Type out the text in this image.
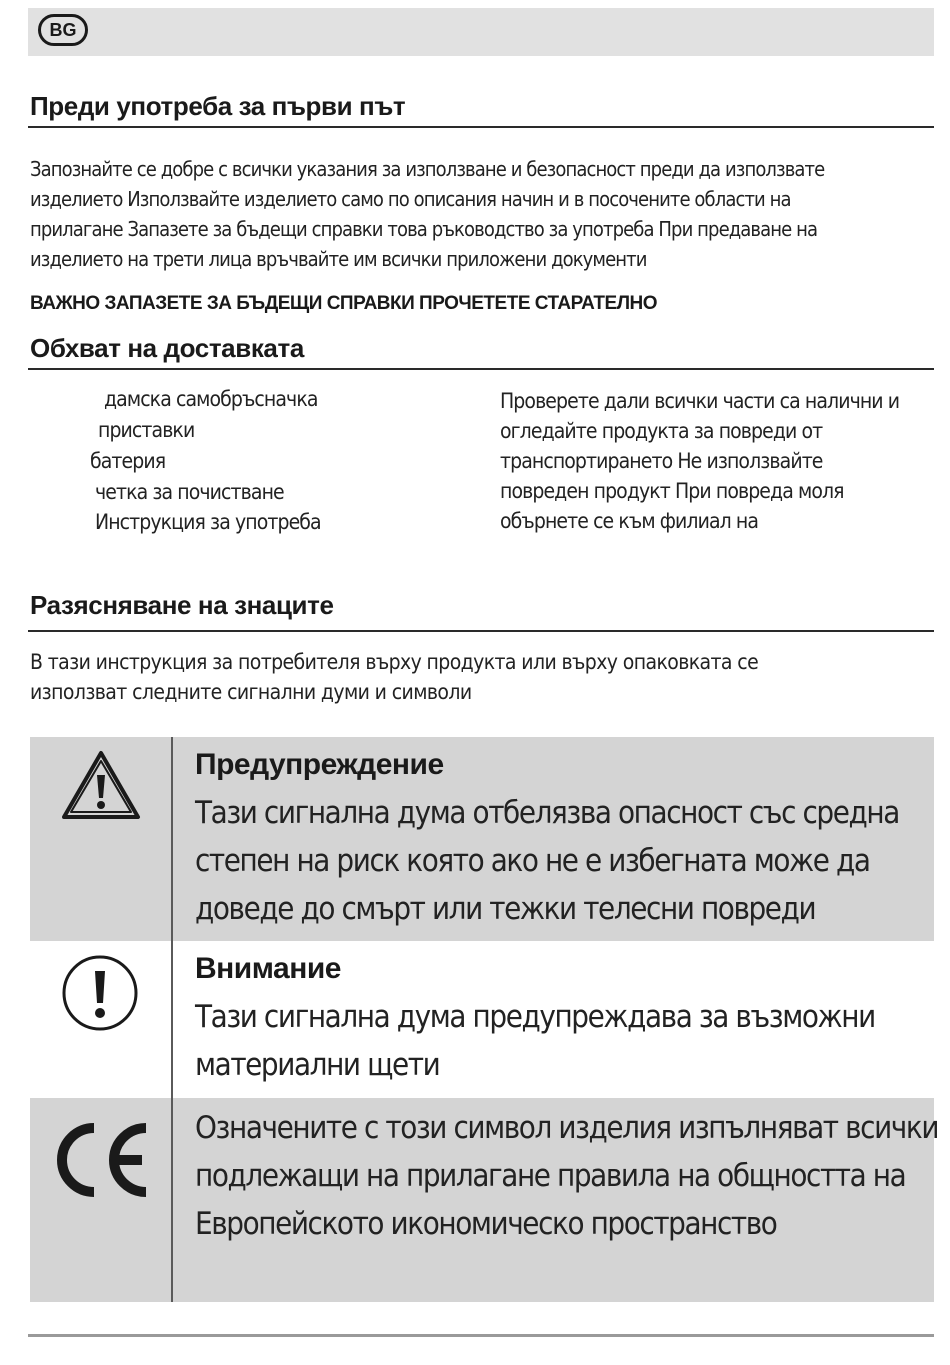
BG
Преди употреба за първи път
Запознайте се добре с всички указания за използване и безопасност преди да използвате
изделието Използвайте изделието само по описания начин и в посочените области на
прилагане Запазете за бъдещи справки това ръководство за употреба При предаване на
изделието на трети лица връчвайте им всички приложени документи
ВАЖНО ЗАПАЗЕТЕ ЗА БЪДЕЩИ СПРАВКИ ПРОЧЕТЕТЕ СТАРАТЕЛНО
Обхват на доставката
дамска самобръсначка
приставки
батерия
четка за почистване
Инструкция за употреба
Проверете дали всички части са налични и
огледайте продукта за повреди от
транспортирането Не използвайте
повреден продукт При повреда моля
обърнете се към филиал на
Разясняване на знаците
В тази инструкция за потребителя върху продукта или върху опаковката се
използват следните сигнални думи и символи
Предупреждение
Тази сигнална дума отбелязва опасност със средна
степен на риск която ако не е избегната може да
доведе до смърт или тежки телесни повреди
Внимание
Тази сигнална дума предупреждава за възможни
материални щети
Означените с този символ изделия изпълняват всички
подлежащи на прилагане правила на общността на
Европейското икономическо пространство
